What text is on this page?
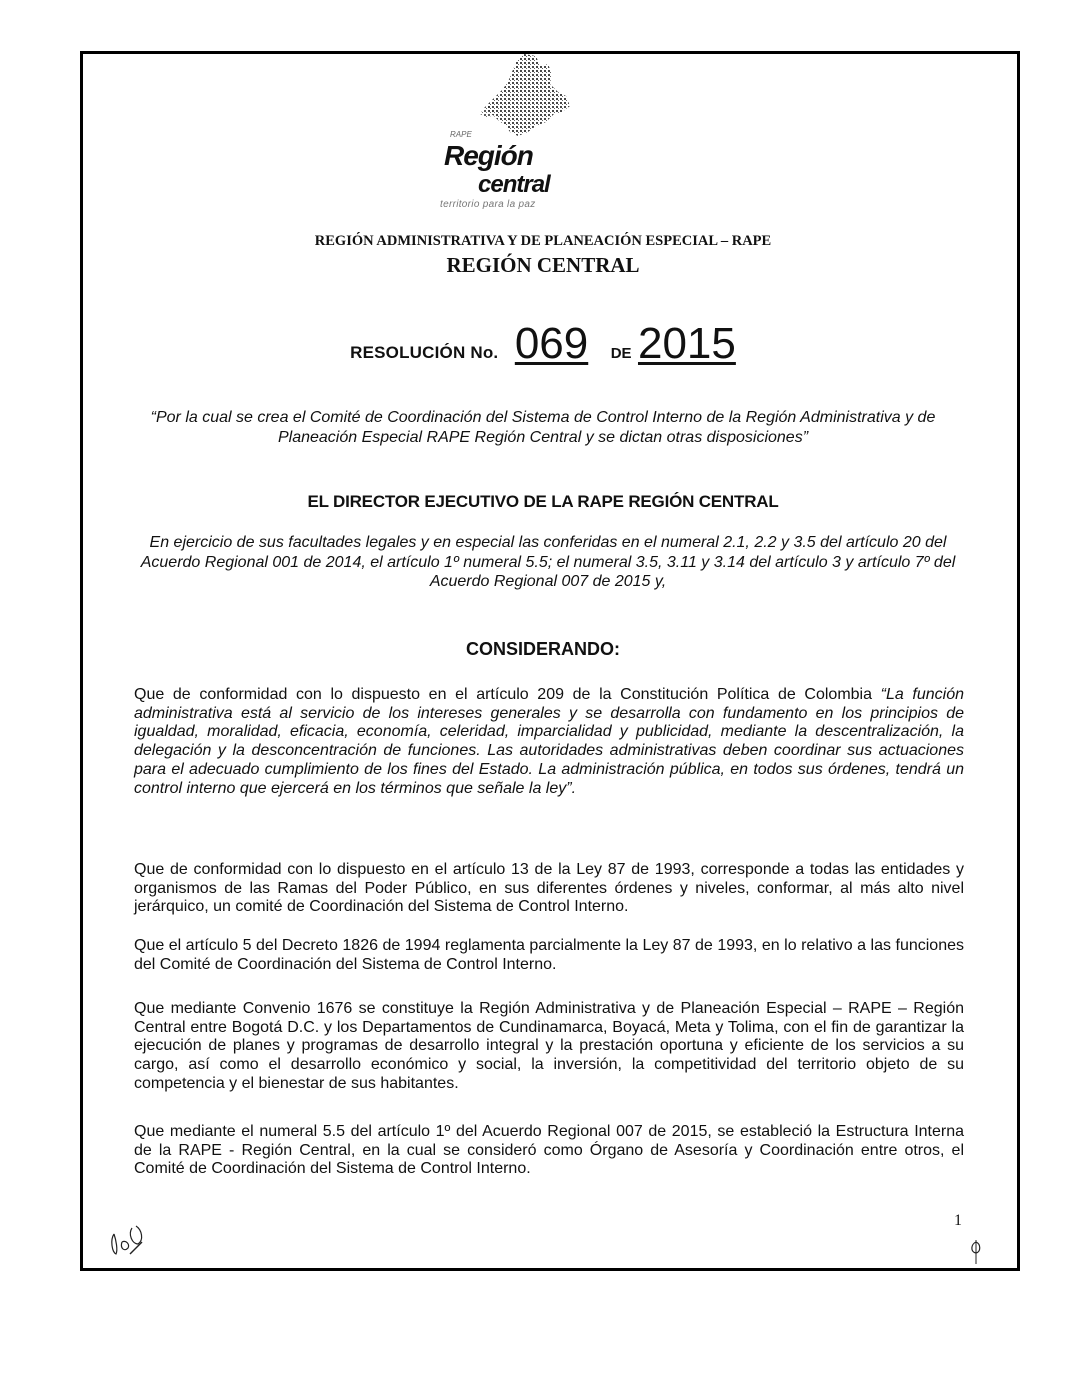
RAPE
Región
central
territorio para la paz
REGIÓN ADMINISTRATIVA Y DE PLANEACIÓN ESPECIAL – RAPE
REGIÓN CENTRAL
RESOLUCIÓN No. 069 DE 2015
“Por la cual se crea el Comité de Coordinación del Sistema de Control Interno de la Región Administrativa y de Planeación Especial RAPE Región Central y se dictan otras disposiciones”
EL DIRECTOR EJECUTIVO DE LA RAPE REGIÓN CENTRAL
En ejercicio de sus facultades legales y en especial las conferidas en el numeral 2.1, 2.2 y 3.5 del artículo 20 del Acuerdo Regional 001 de 2014, el artículo 1º numeral 5.5; el numeral 3.5, 3.11 y 3.14 del artículo 3 y artículo 7º del Acuerdo Regional 007 de 2015 y,
CONSIDERANDO:
Que de conformidad con lo dispuesto en el artículo 209 de la Constitución Política de Colombia “La función administrativa está al servicio de los intereses generales y se desarrolla con fundamento en los principios de igualdad, moralidad, eficacia, economía, celeridad, imparcialidad y publicidad, mediante la descentralización, la delegación y la desconcentración de funciones. Las autoridades administrativas deben coordinar sus actuaciones para el adecuado cumplimiento de los fines del Estado. La administración pública, en todos sus órdenes, tendrá un control interno que ejercerá en los términos que señale la ley”.
Que de conformidad con lo dispuesto en el artículo 13 de la Ley 87 de 1993, corresponde a todas las entidades y organismos de las Ramas del Poder Público, en sus diferentes órdenes y niveles, conformar, al más alto nivel jerárquico, un comité de Coordinación del Sistema de Control Interno.
Que el artículo 5 del Decreto 1826 de 1994 reglamenta parcialmente la Ley 87 de 1993, en lo relativo a las funciones del Comité de Coordinación del Sistema de Control Interno.
Que mediante Convenio 1676 se constituye la Región Administrativa y de Planeación Especial – RAPE – Región Central entre Bogotá D.C. y los Departamentos de Cundinamarca, Boyacá, Meta y Tolima, con el fin de garantizar la ejecución de planes y programas de desarrollo integral y la prestación oportuna y eficiente de los servicios a su cargo, así como el desarrollo económico y social, la inversión, la competitividad del territorio objeto de su competencia y el bienestar de sus habitantes.
Que mediante el numeral 5.5 del artículo 1º del Acuerdo Regional 007 de 2015, se estableció la Estructura Interna de la RAPE - Región Central, en la cual se consideró como Órgano de Asesoría y Coordinación entre otros, el Comité de Coordinación del Sistema de Control Interno.
1
